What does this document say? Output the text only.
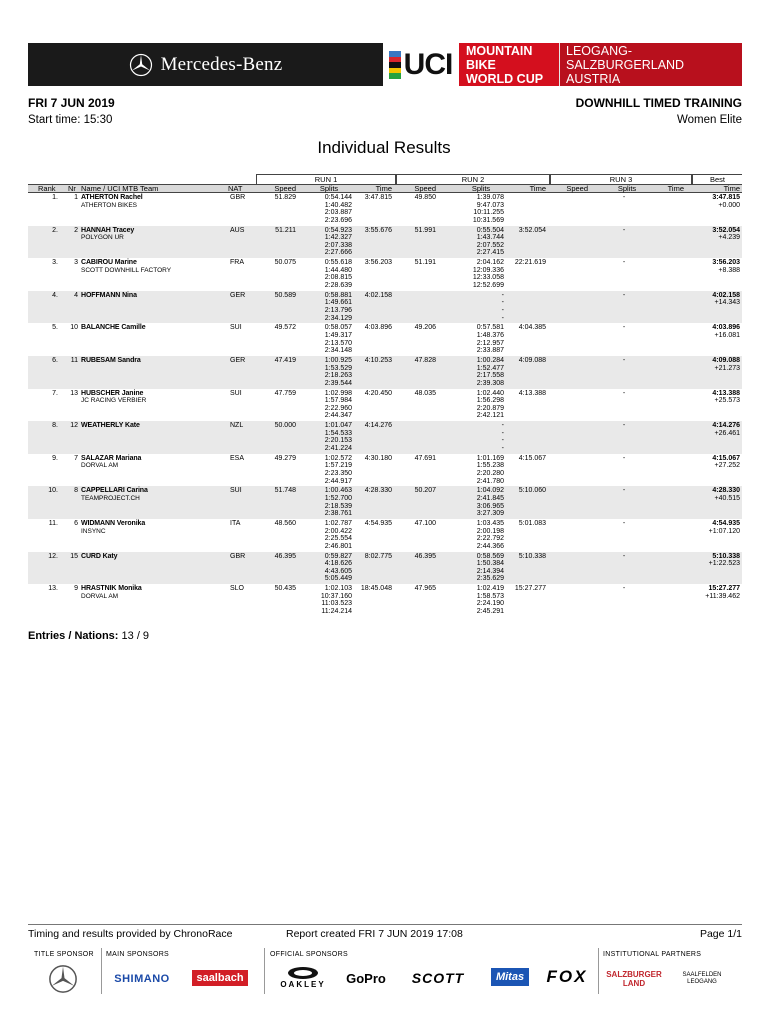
Mercedes-Benz	UCI MOUNTAIN BIKE
WORLD CUP
LEOGANG-SALZBURGERLAND
AUSTRIA
FRI 7 JUN 2019
Start time: 15:30
DOWNHILL TIMED TRAINING
Women Elite
Individual Results
RUN 1	RUN 2	RUN 3	Best
Rank Nr Name / UCI MTB Team	NAT	Speed	Splits	Time	Speed	Splits	Time	Speed	Splits	Time	Time
1.	1 ATHERTON Rachel
ATHERTON BIKES
GBR	51.829	0:54.144
1:40.482
2:03.887
2:23.696
3:47.815	49.850	1:39.078
9:47.073
10:11.255
10:31.569
-	3:47.815
+0.000
2.	2 HANNAH Tracey
POLYGON UR
AUS	51.211	0:54.923
1:42.327
2:07.338
2:27.666
3:55.676	51.991	0:55.504
1:43.744
2:07.552
2:27.415
3:52.054	-	3:52.054
+4.239
3.	3 CABIROU Marine
SCOTT DOWNHILL FACTORY
FRA	50.075	0:55.618
1:44.480
2:08.815
2:28.639
3:56.203	51.191	2:04.162
12:09.336
12:33.058
12:52.699
22:21.619	-	3:56.203
+8.388
4.	4 HOFFMANN Nina	GER	50.589	0:58.881
1:49.661
2:13.796
2:34.129
4:02.158	-
-
-
-
-	4:02.158
+14.343
5.	10 BALANCHE Camille	SUI	49.572	0:58.057
1:49.317
2:13.570
2:34.148
4:03.896	49.206	0:57.581
1:48.376
2:12.957
2:33.887
4:04.385	-	4:03.896
+16.081
6.	11 RUBESAM Sandra	GER	47.419	1:00.925
1:53.529
2:18.263
2:39.544
4:10.253	47.828	1:00.284
1:52.477
2:17.558
2:39.308
4:09.088	-	4:09.088
+21.273
7.	13 HUBSCHER Janine
JC RACING VERBIER
SUI	47.759	1:02.998
1:57.984
2:22.960
2:44.347
4:20.450	48.035	1:02.440
1:56.298
2:20.879
2:42.121
4:13.388	-	4:13.388
+25.573
8.	12 WEATHERLY Kate	NZL	50.000	1:01.047
1:54.533
2:20.153
2:41.224
4:14.276	-
-
-
-
-	4:14.276
+26.461
9.	7 SALAZAR Mariana
DORVAL AM
ESA	49.279	1:02.572
1:57.219
2:23.350
2:44.917
4:30.180	47.691	1:01.169
1:55.238
2:20.280
2:41.780
4:15.067	-	4:15.067
+27.252
10.	8 CAPPELLARI Carina
TEAMPROJECT.CH
SUI	51.748	1:00.463
1:52.700
2:18.539
2:38.761
4:28.330	50.207	1:04.092
2:41.845
3:06.965
3:27.309
5:10.060	-	4:28.330
+40.515
11.	6 WIDMANN Veronika
INSYNC
ITA	48.560	1:02.787
2:00.422
2:25.554
2:46.801
4:54.935	47.100	1:03.435
2:00.198
2:22.792
2:44.366
5:01.083	-	4:54.935
+1:07.120
12.	15 CURD Katy	GBR	46.395	0:59.827
4:18.626
4:43.605
5:05.449
8:02.775	46.395	0:58.569
1:50.384
2:14.394
2:35.629
5:10.338	-	5:10.338
+1:22.523
13.	9 HRASTNIK Monika
DORVAL AM
SLO	50.435	1:02.103
10:37.160
11:03.523
11:24.214
18:45.048	47.965	1:02.419
1:58.573
2:24.190
2:45.291
15:27.277	-	15:27.277
+11:39.462
Entries / Nations: 13 / 9
Timing and results provided by ChronoRace	Report created FRI 7 JUN 2019 17:08	Page 1/1
TITLE SPONSOR MAIN SPONSORS	OFFICIAL SPONSORS	INSTITUTIONAL PARTNERS
SHIMANO	saalbach	OAKLEY	GoPro	SCOTT	Mitas FOX	SALZBURGER LAND
SAALFELDEN LEOGANG
